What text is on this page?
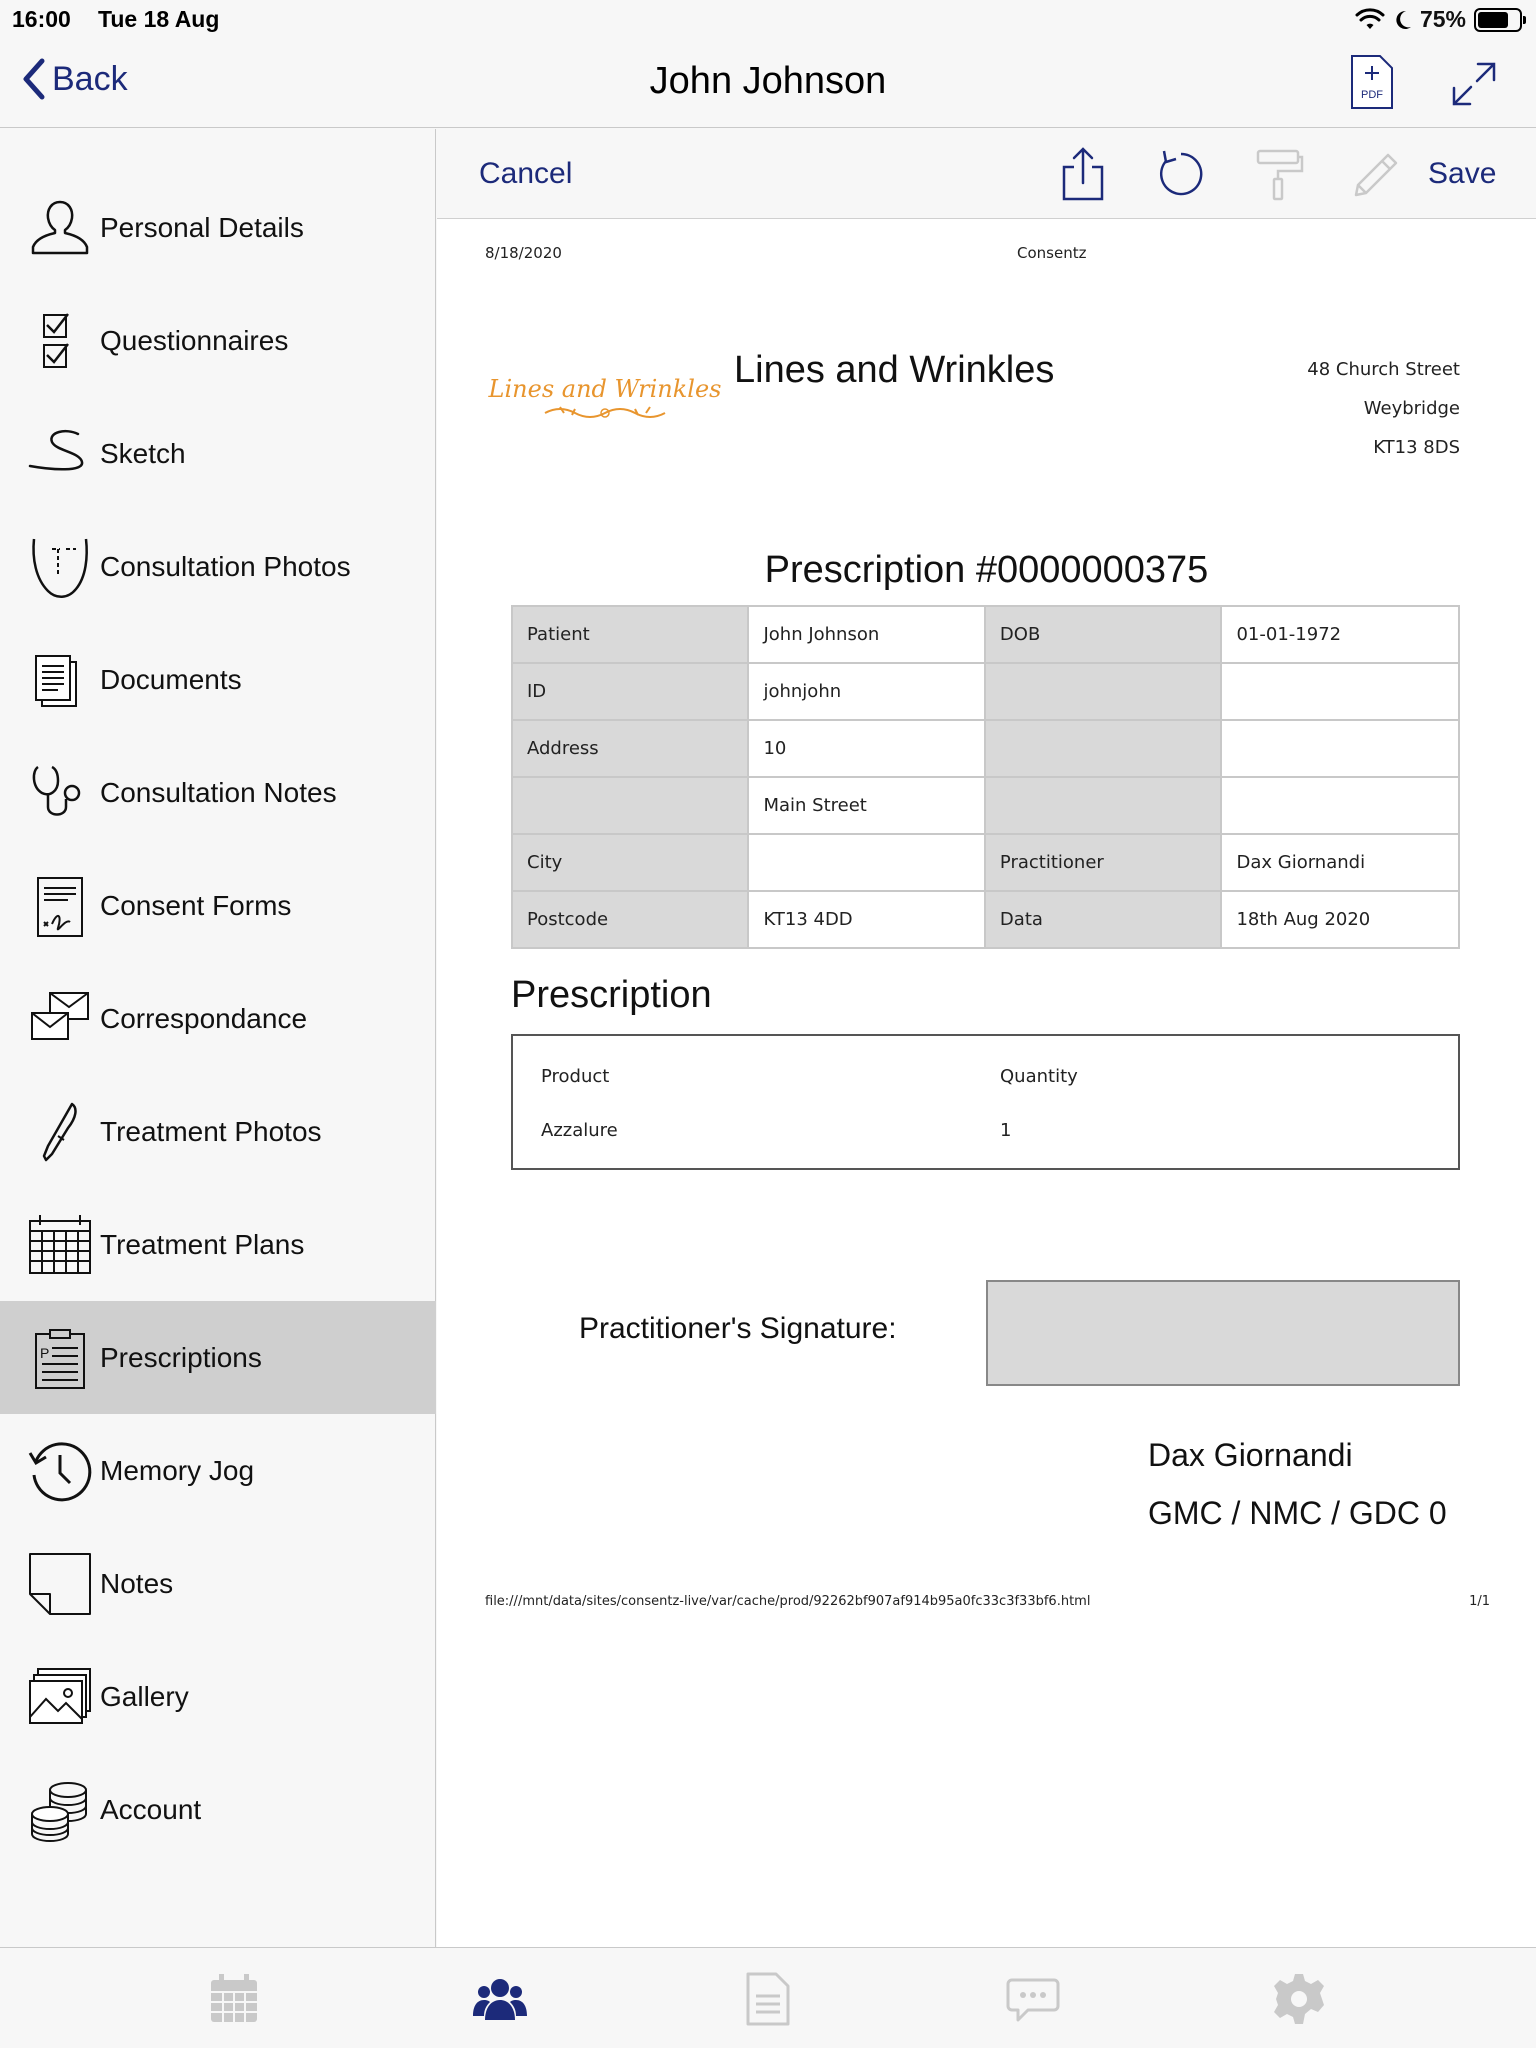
16:00 Tue 18 Aug	75%
Back	John Johnson	PDF
Personal Details
Questionnaires
Sketch
Consultation Photos
Documents
Consultation Notes
Consent Forms
Correspondance
Treatment Photos
Treatment Plans
P Prescriptions
Memory Jog
Notes
Gallery
Account
Cancel	Save
8/18/2020	Consentz
Lines and Wrinkles Lines and Wrinkles	48 Church Street
Weybridge
KT13 8DS
Prescription #0000000375
Patient	John Johnson	DOB	01-01-1972
ID	johnjohn		
Address	10		
	Main Street		
City		Practitioner	Dax Giornandi
Postcode	KT13 4DD	Data	18th Aug 2020
Prescription
Product	Quantity
Azzalure	1
Practitioner's Signature:
Dax Giornandi
GMC / NMC / GDC 0
file:///mnt/data/sites/consentz-live/var/cache/prod/92262bf907af914b95a0fc33c3f33bf6.html	1/1
